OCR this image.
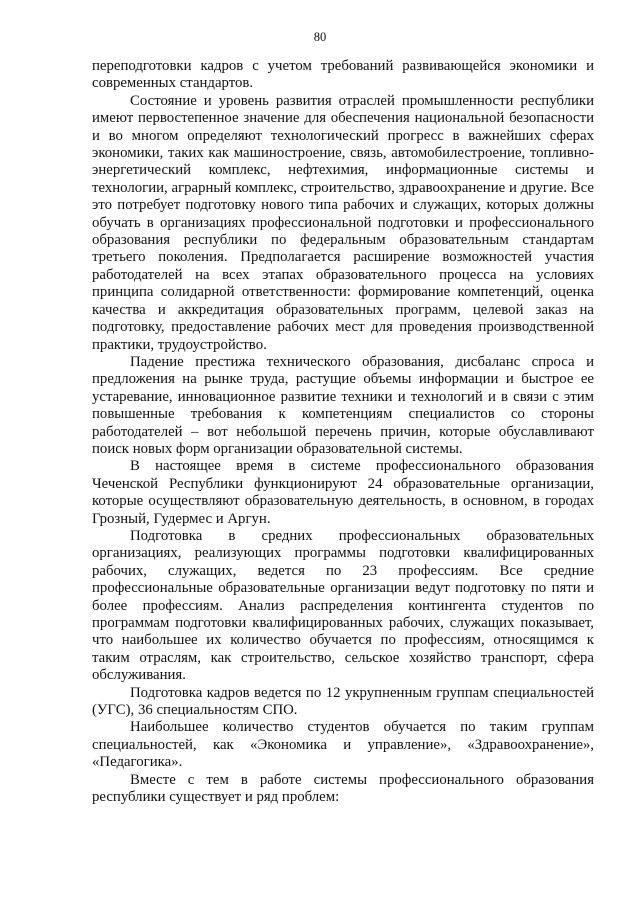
80

переподготовки кадров с учетом требований развивающейся экономики и современных стандартов.

Состояние и уровень развития отраслей промышленности республики имеют первостепенное значение для обеспечения национальной безопасности и во многом определяют технологический прогресс в важнейших сферах экономики, таких как машиностроение, связь, автомобилестроение, топливно-энергетический комплекс, нефтехимия, информационные системы и технологии, аграрный комплекс, строительство, здравоохранение и другие. Все это потребует подготовку нового типа рабочих и служащих, которых должны обучать в организациях профессиональной подготовки и профессионального образования республики по федеральным образовательным стандартам третьего поколения. Предполагается расширение возможностей участия работодателей на всех этапах образовательного процесса на условиях принципа солидарной ответственности: формирование компетенций, оценка качества и аккредитация образовательных программ, целевой заказ на подготовку, предоставление рабочих мест для проведения производственной практики, трудоустройство.

Падение престижа технического образования, дисбаланс спроса и предложения на рынке труда, растущие объемы информации и быстрое ее устаревание, инновационное развитие техники и технологий и в связи с этим повышенные требования к компетенциям специалистов со стороны работодателей – вот небольшой перечень причин, которые обуславливают поиск новых форм организации образовательной системы.

В настоящее время в системе профессионального образования Чеченской Республики функционируют 24 образовательные организации, которые осуществляют образовательную деятельность, в основном, в городах Грозный, Гудермес и Аргун.

Подготовка в средних профессиональных образовательных организациях, реализующих программы подготовки квалифицированных рабочих, служащих, ведется по 23 профессиям. Все средние профессиональные образовательные организации ведут подготовку по пяти и более профессиям. Анализ распределения контингента студентов по программам подготовки квалифицированных рабочих, служащих показывает, что наибольшее их количество обучается по профессиям, относящимся к таким отраслям, как строительство, сельское хозяйство транспорт, сфера обслуживания.

Подготовка кадров ведется по 12 укрупненным группам специальностей (УГС), 36 специальностям СПО.

Наибольшее количество студентов обучается по таким группам специальностей, как «Экономика и управление», «Здравоохранение», «Педагогика».

Вместе с тем в работе системы профессионального образования республики существует и ряд проблем:
